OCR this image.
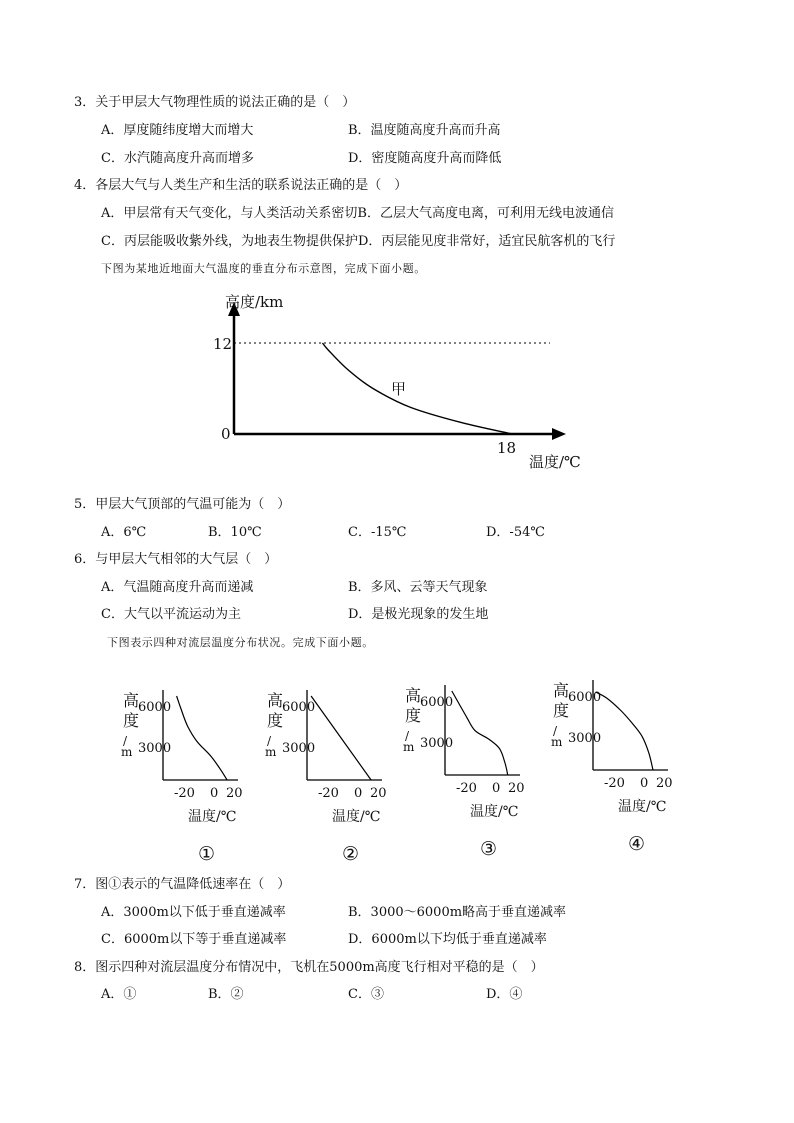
3．关于甲层大气物理性质的说法正确的是（　）
A．厚度随纬度增大而增大	B．温度随高度升高而升高
C．水汽随高度升高而增多	D．密度随高度升高而降低
4．各层大气与人类生产和生活的联系说法正确的是（　）
A．甲层常有天气变化，与人类活动关系密切B．乙层大气高度电离，可利用无线电波通信
C．丙层能吸收紫外线，为地表生物提供保护D．丙层能见度非常好，适宜民航客机的飞行
下图为某地近地面大气温度的垂直分布示意图，完成下面小题。
高度/km
12
0
18
温度/℃
甲
5．甲层大气顶部的气温可能为（　）
A．6℃	B．10℃	C．-15℃	D．-54℃
6．与甲层大气相邻的大气层（　）
A．气温随高度升高而递减	B．多风、云等天气现象
C．大气以平流运动为主	D．是极光现象的发生地
下图表示四种对流层温度分布状况。完成下面小题。
高
度
/
m
6000
3000
-20 0 20
温度/℃
①
高
度
/
m
6000
3000
-20 0 20
温度/℃
②
高
度
/
m
6000
3000
-20 0 20
温度/℃
③
高
度
/
m
6000
3000
-20 0 20
温度/℃
④
7．图①表示的气温降低速率在（　）
A．3000m以下低于垂直递减率	B．3000～6000m略高于垂直递减率
C．6000m以下等于垂直递减率	D．6000m以下均低于垂直递减率
8．图示四种对流层温度分布情况中，飞机在5000m高度飞行相对平稳的是（　）
A．①	B．②	C．③	D．④
